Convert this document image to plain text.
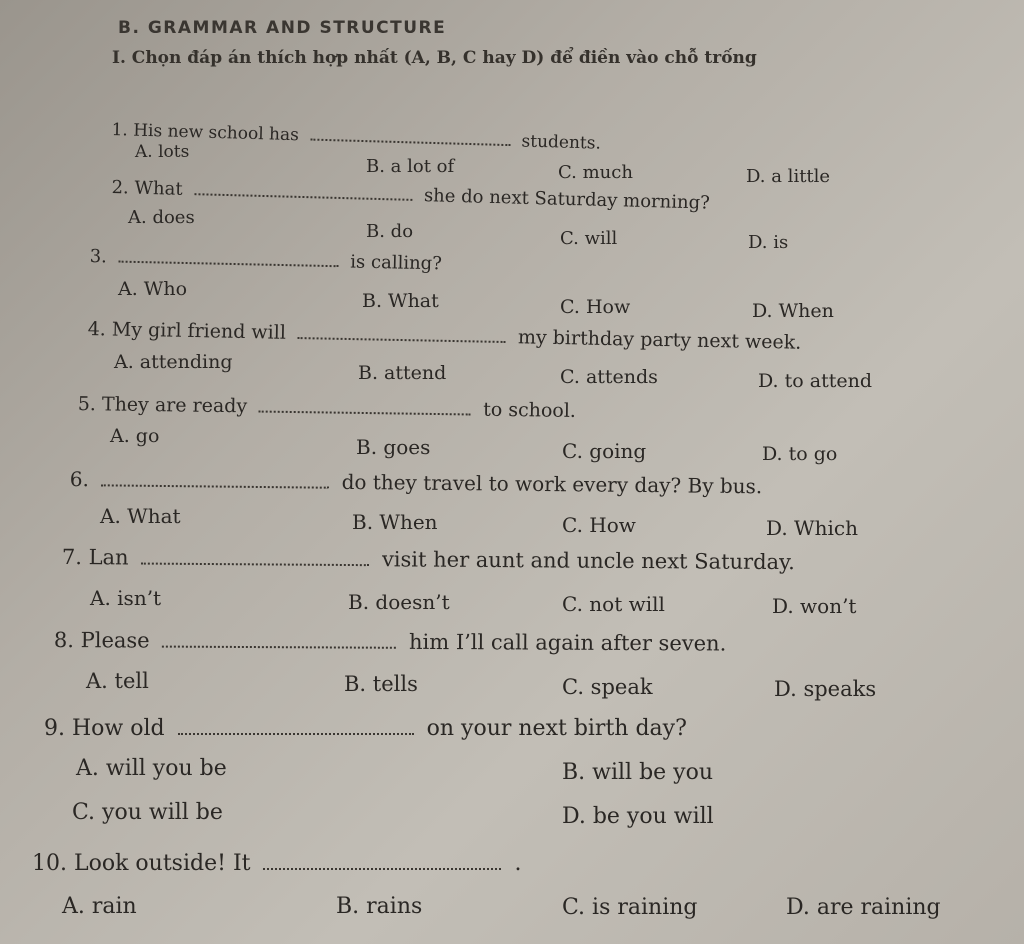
B. GRAMMAR AND STRUCTURE
I. Chọn đáp án thích hợp nhất (A, B, C hay D) để điền vào chỗ trống
1. His new school has	students.
A. lots
B. a lot of	C. much	D. a little
2. What	she do next Saturday morning?
A. does
B. do	C. will	D. is
3.	is calling?
A. Who
B. What	C. How	D. When
4. My girl friend will	my birthday party next week.
A. attending	B. attend	C. attends	D. to attend
5. They are ready	to school.
A. go	B. goes	C. going	D. to go
6.	do they travel to work every day? By bus.
A. What	B. When	C. How	D. Which
7. Lan	visit her aunt and uncle next Saturday.
A. isn’t	B. doesn’t	C. not will	D. won’t
8. Please	him I’ll call again after seven.
A. tell	B. tells	C. speak	D. speaks
9. How old	on your next birth day?
A. will you be	B. will be you
C. you will be	D. be you will
10. Look outside! It	.
A. rain	B. rains	C. is raining	D. are raining
